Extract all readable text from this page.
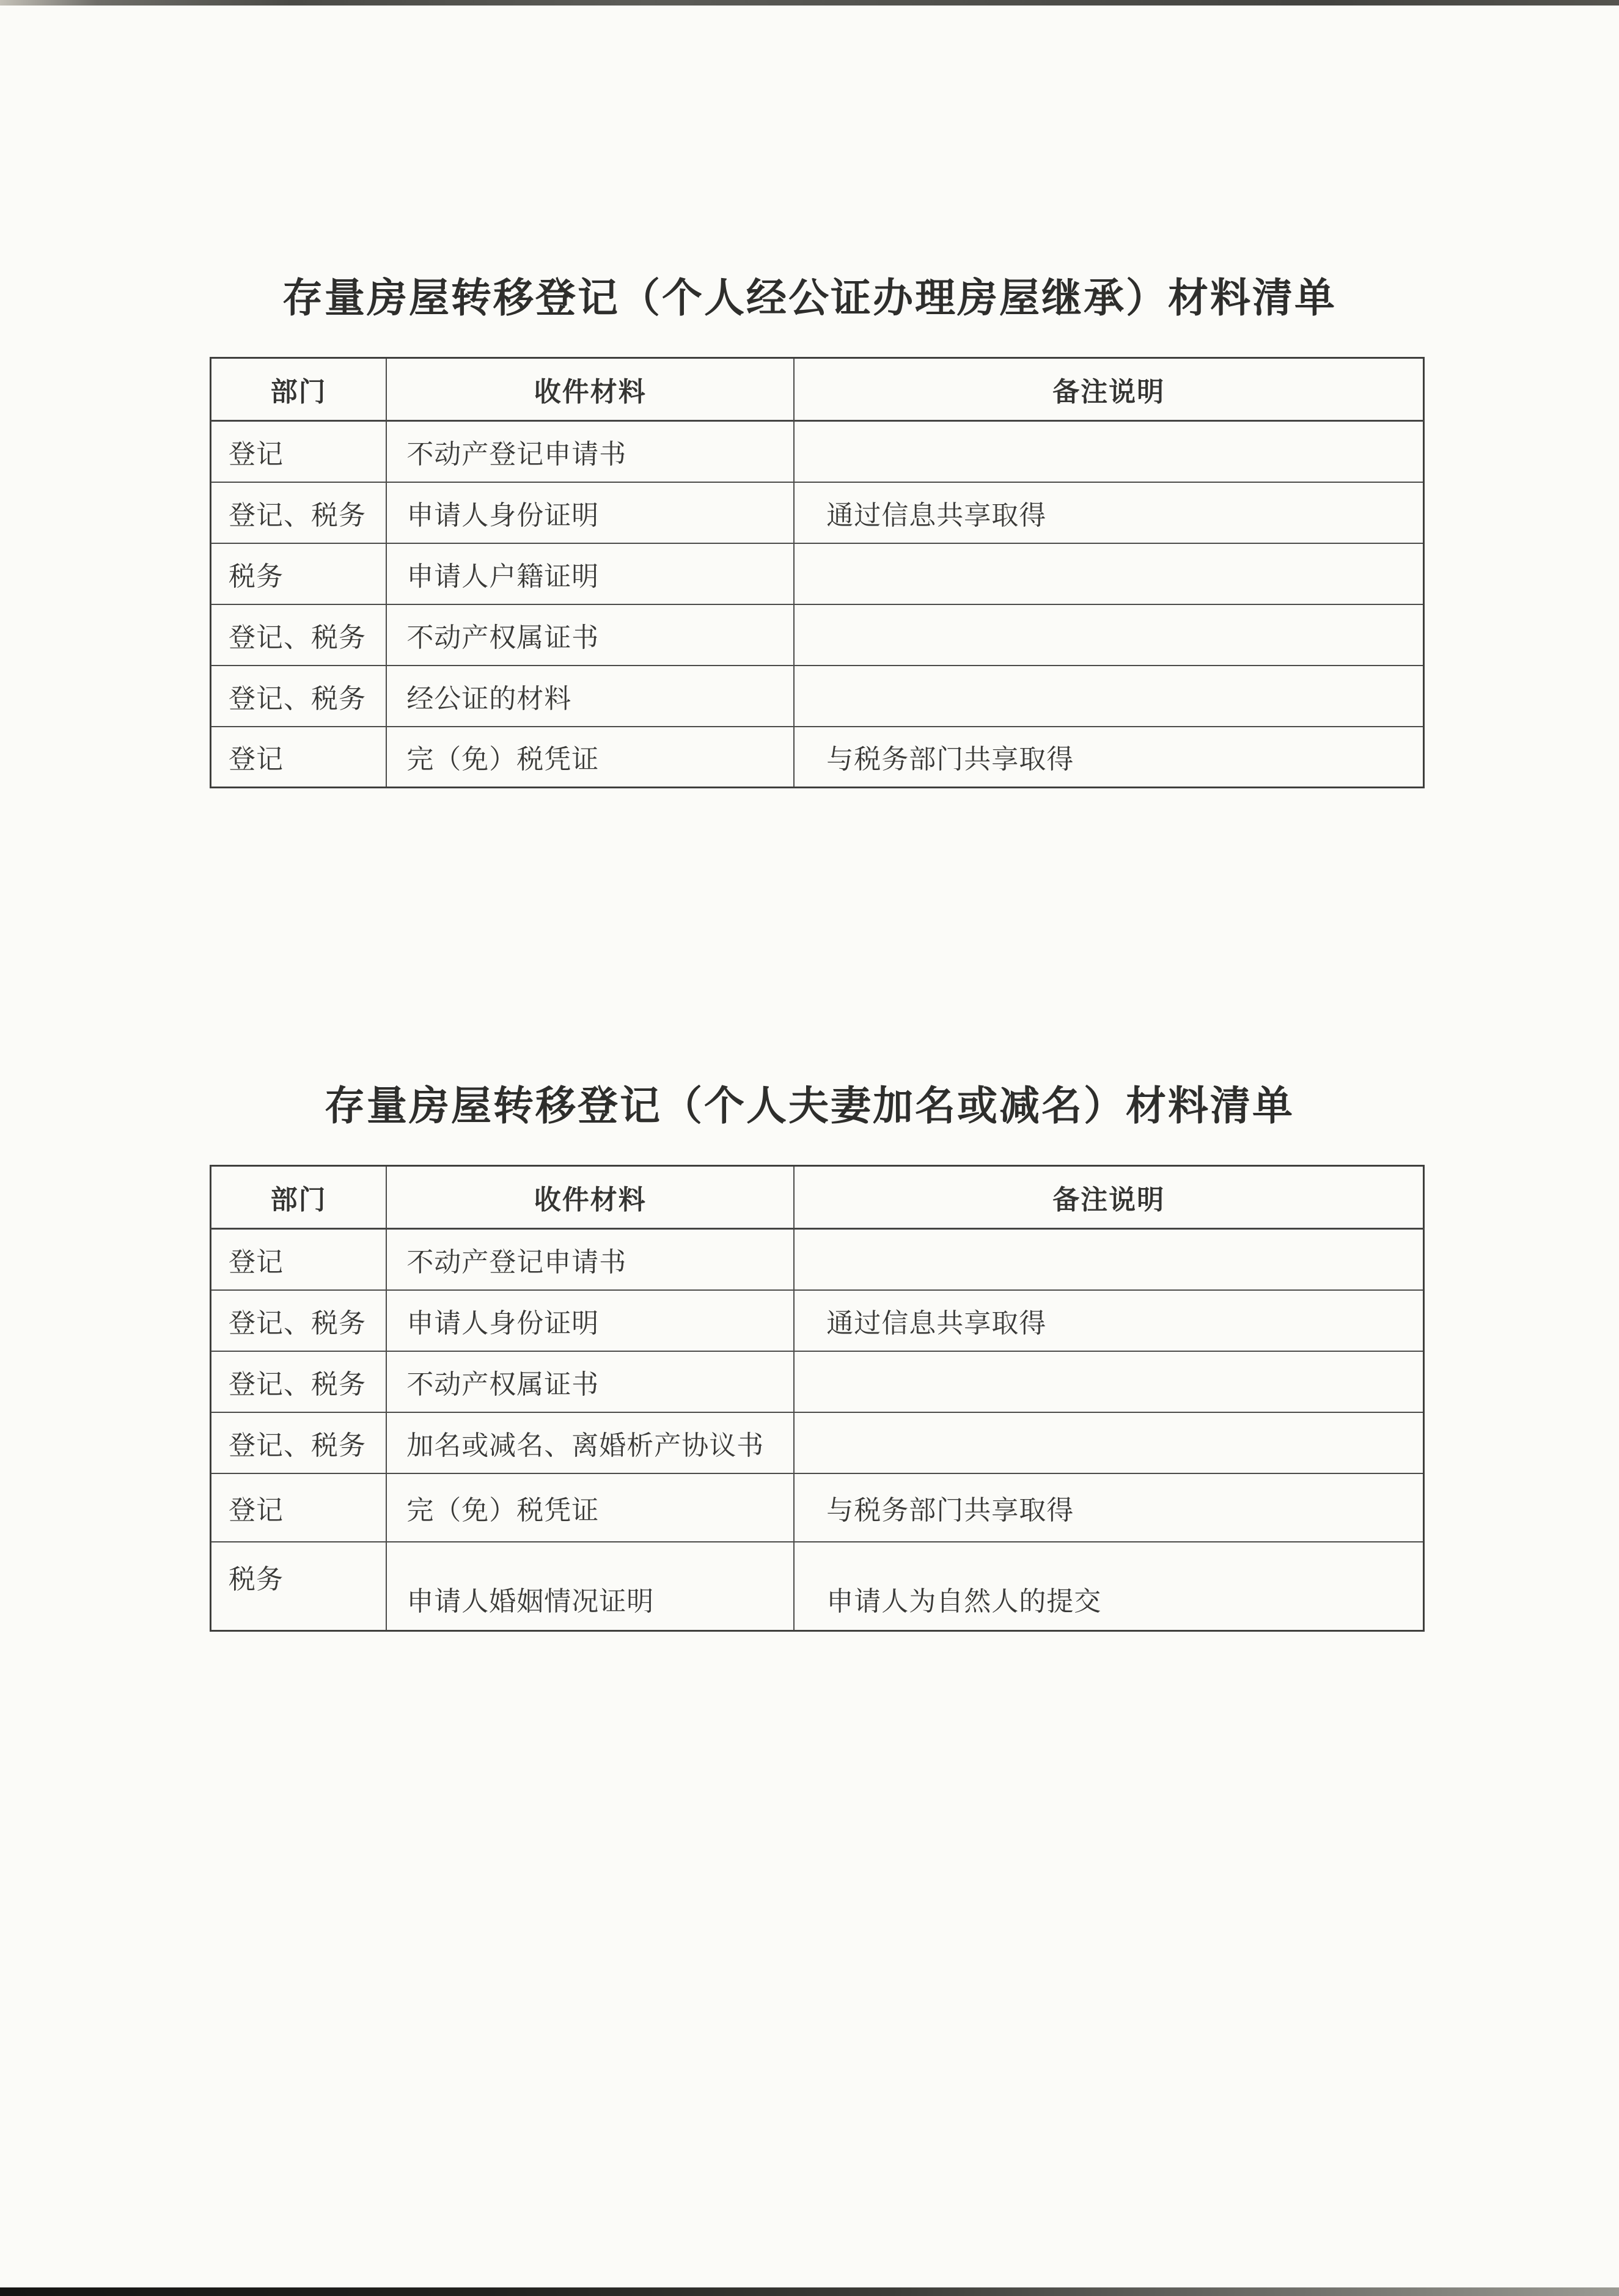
存量房屋转移登记（个人经公证办理房屋继承）材料清单
部门	收件材料	备注说明
登记	不动产登记申请书	
登记、税务	申请人身份证明	通过信息共享取得
税务	申请人户籍证明	
登记、税务	不动产权属证书	
登记、税务	经公证的材料	
登记	完（免）税凭证	与税务部门共享取得
存量房屋转移登记（个人夫妻加名或减名）材料清单
部门	收件材料	备注说明
登记	不动产登记申请书	
登记、税务	申请人身份证明	通过信息共享取得
登记、税务	不动产权属证书	
登记、税务	加名或减名、离婚析产协议书	
登记	完（免）税凭证	与税务部门共享取得
税务	申请人婚姻情况证明	申请人为自然人的提交
